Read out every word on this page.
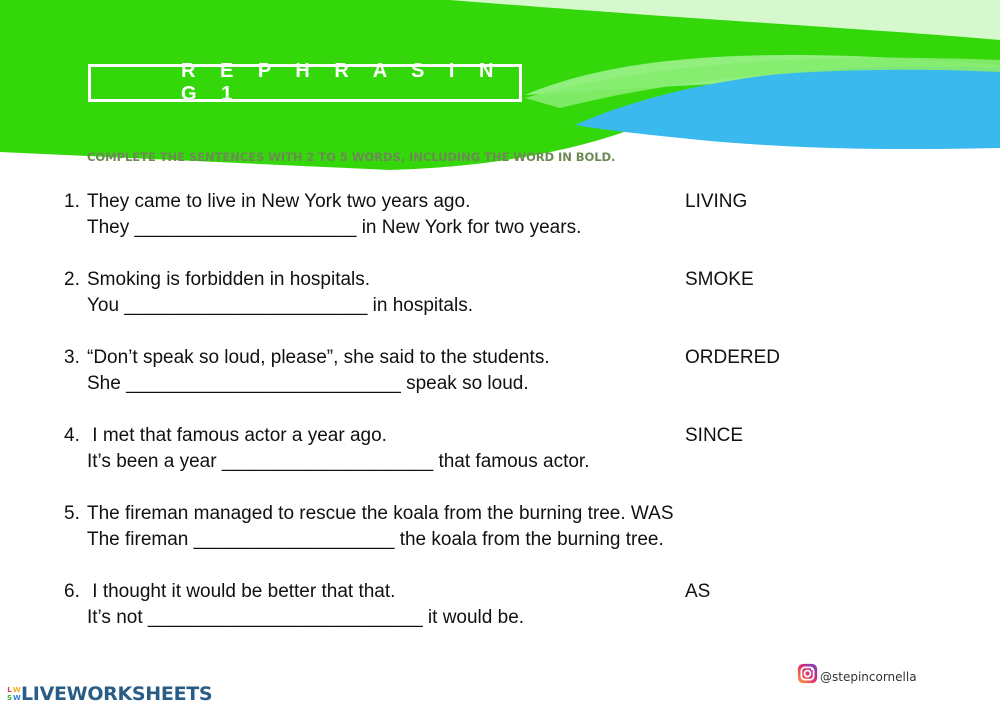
R E P H R A S I N G 1
COMPLETE THE SENTENCES WITH 2 TO 5 WORDS, INCLUDING THE WORD IN BOLD.
1. They came to live in New York two years ago.	LIVING
They _____________________ in New York for two years.
2. Smoking is forbidden in hospitals.	SMOKE
You _______________________ in hospitals.
3. “Don’t speak so loud, please”, she said to the students.	ORDERED
She __________________________ speak so loud.
4. I met that famous actor a year ago.	SINCE
It’s been a year ____________________ that famous actor.
5. The fireman managed to rescue the koala from the burning tree. WAS
The fireman ___________________ the koala from the burning tree.
6. I thought it would be better that that.	AS
It’s not __________________________ it would be.
@stepincornella
L W
S W LIVEWORKSHEETS
